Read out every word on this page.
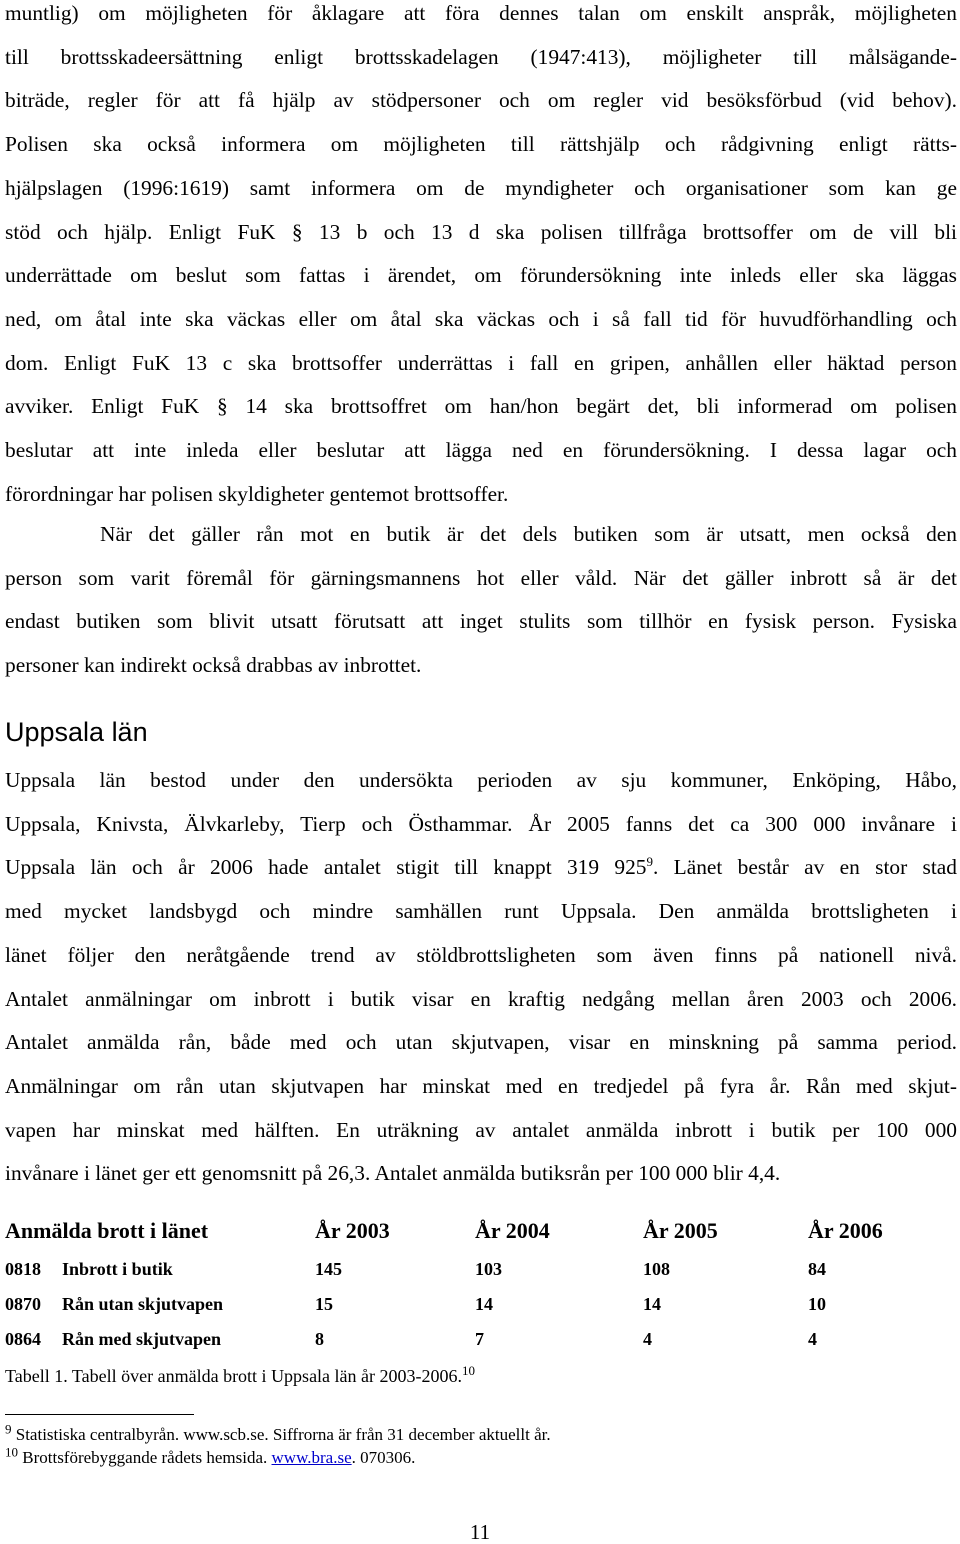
muntlig) om möjligheten för åklagare att föra dennes talan om enskilt anspråk, möjligheten
till brottsskadeersättning enligt brottsskadelagen (1947:413), möjligheter till målsägande-
biträde, regler för att få hjälp av stödpersoner och om regler vid besöksförbud (vid behov).
Polisen ska också informera om möjligheten till rättshjälp och rådgivning enligt rätts-
hjälpslagen (1996:1619) samt informera om de myndigheter och organisationer som kan ge
stöd och hjälp. Enligt FuK § 13 b och 13 d ska polisen tillfråga brottsoffer om de vill bli
underrättade om beslut som fattas i ärendet, om förundersökning inte inleds eller ska läggas
ned, om åtal inte ska väckas eller om åtal ska väckas och i så fall tid för huvudförhandling och
dom. Enligt FuK 13 c ska brottsoffer underrättas i fall en gripen, anhållen eller häktad person
avviker. Enligt FuK § 14 ska brottsoffret om han/hon begärt det, bli informerad om polisen
beslutar att inte inleda eller beslutar att lägga ned en förundersökning. I dessa lagar och
förordningar har polisen skyldigheter gentemot brottsoffer.
När det gäller rån mot en butik är det dels butiken som är utsatt, men också den
person som varit föremål för gärningsmannens hot eller våld. När det gäller inbrott så är det
endast butiken som blivit utsatt förutsatt att inget stulits som tillhör en fysisk person. Fysiska
personer kan indirekt också drabbas av inbrottet.
Uppsala län
Uppsala län bestod under den undersökta perioden av sju kommuner, Enköping, Håbo,
Uppsala, Knivsta, Älvkarleby, Tierp och Östhammar. År 2005 fanns det ca 300 000 invånare i
Uppsala län och år 2006 hade antalet stigit till knappt 319 $925^9$. Länet består av en stor stad
med mycket landsbygd och mindre samhällen runt Uppsala. Den anmälda brottsligheten i
länet följer den neråtgående trend av stöldbrottsligheten som även finns på nationell nivå.
Antalet anmälningar om inbrott i butik visar en kraftig nedgång mellan åren 2003 och 2006.
Antalet anmälda rån, både med och utan skjutvapen, visar en minskning på samma period.
Anmälningar om rån utan skjutvapen har minskat med en tredjedel på fyra år. Rån med skjut-
vapen har minskat med hälften. En uträkning av antalet anmälda inbrott i butik per 100 000
invånare i länet ger ett genomsnitt på 26,3. Antalet anmälda butiksrån per 100 000 blir 4,4.
Anmälda brott i länet		År 2003	År 2004	År 2005	År 2006
0818	Inbrott i butik	145	103	108	84
0870	Rån utan skjutvapen	15	14	14	10
0864	Rån med skjutvapen	8	7	4	4

Tabell 1. Tabell över anmälda brott i Uppsala län år 2003-2006.10

$^9$ Statistiska centralbyrån. www.scb.se. Siffrorna är från 31 december aktuellt år.

$^{10}$ Brottsförebyggande rådets hemsida. www.bra.se. 070306.

11
